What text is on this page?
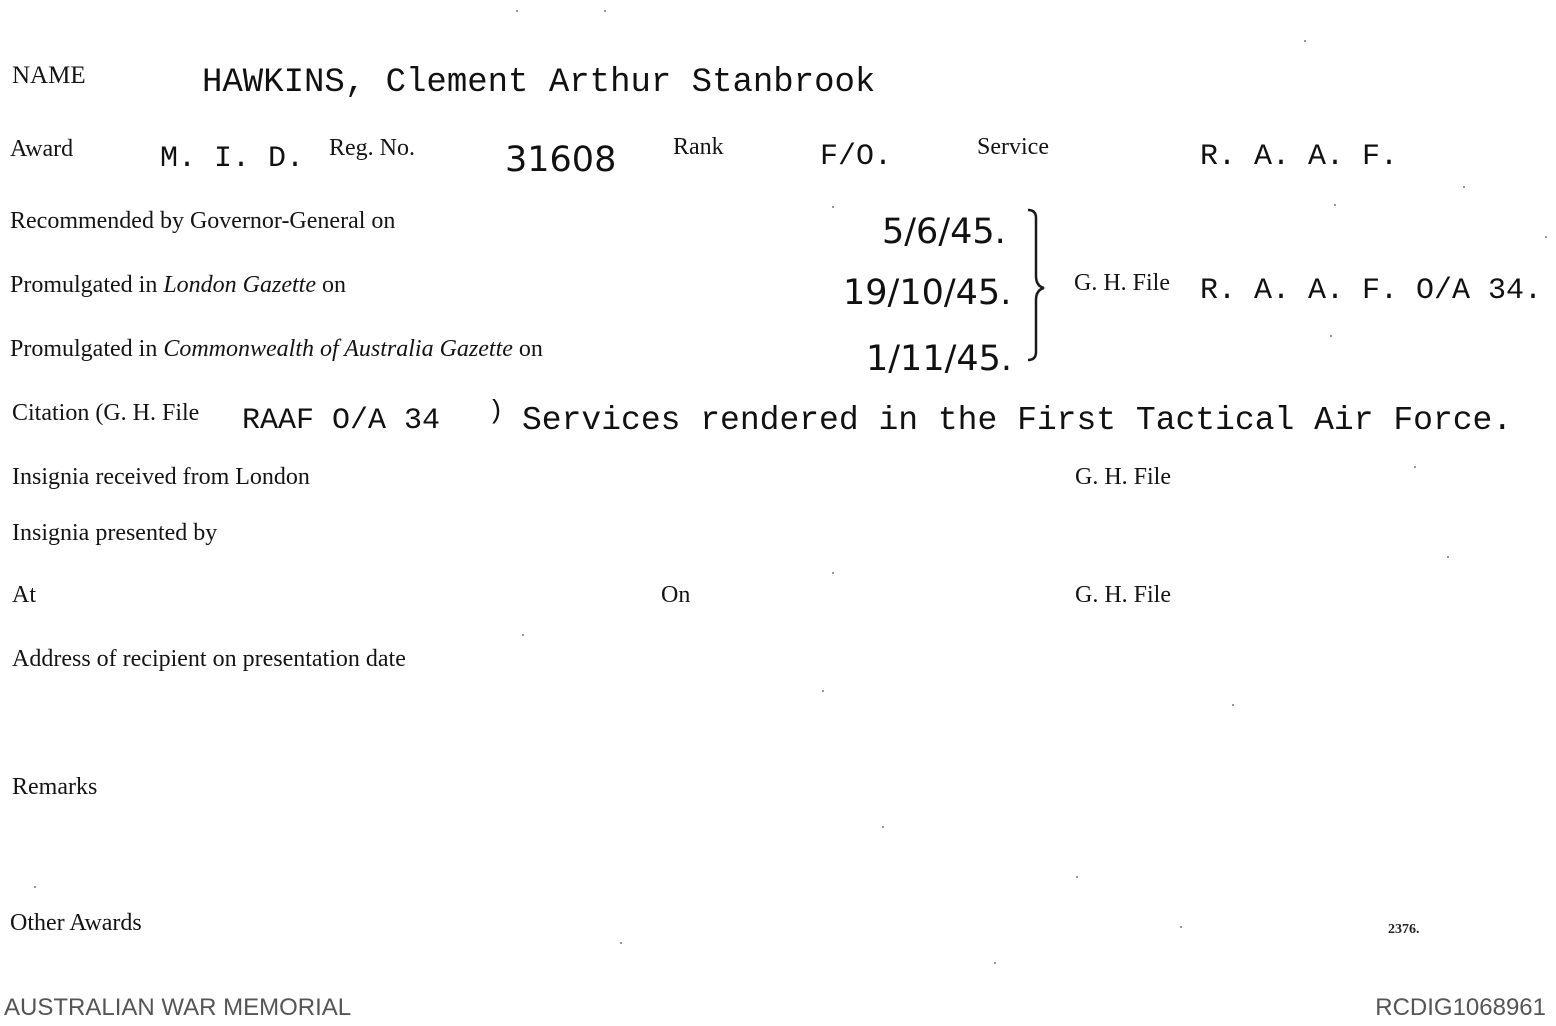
NAME	HAWKINS, Clement Arthur Stanbrook
Award	M. I. D. Reg. No.	31608 Rank	F/O.	Service	R. A. A. F.
Recommended by Governor-General on	5/6/45.
Promulgated in London Gazette on	19/10/45.
Promulgated in Commonwealth of Australia Gazette on	1/11/45.
G. H. File R. A. A. F. O/A 34.
Citation (G. H. File RAAF O/A 34 ) Services rendered in the First Tactical Air Force.
Insignia received from London	G. H. File
Insignia presented by
At	On	G. H. File
Address of recipient on presentation date
Remarks
Other Awards	2376.
AUSTRALIAN WAR MEMORIAL	RCDIG1068961
